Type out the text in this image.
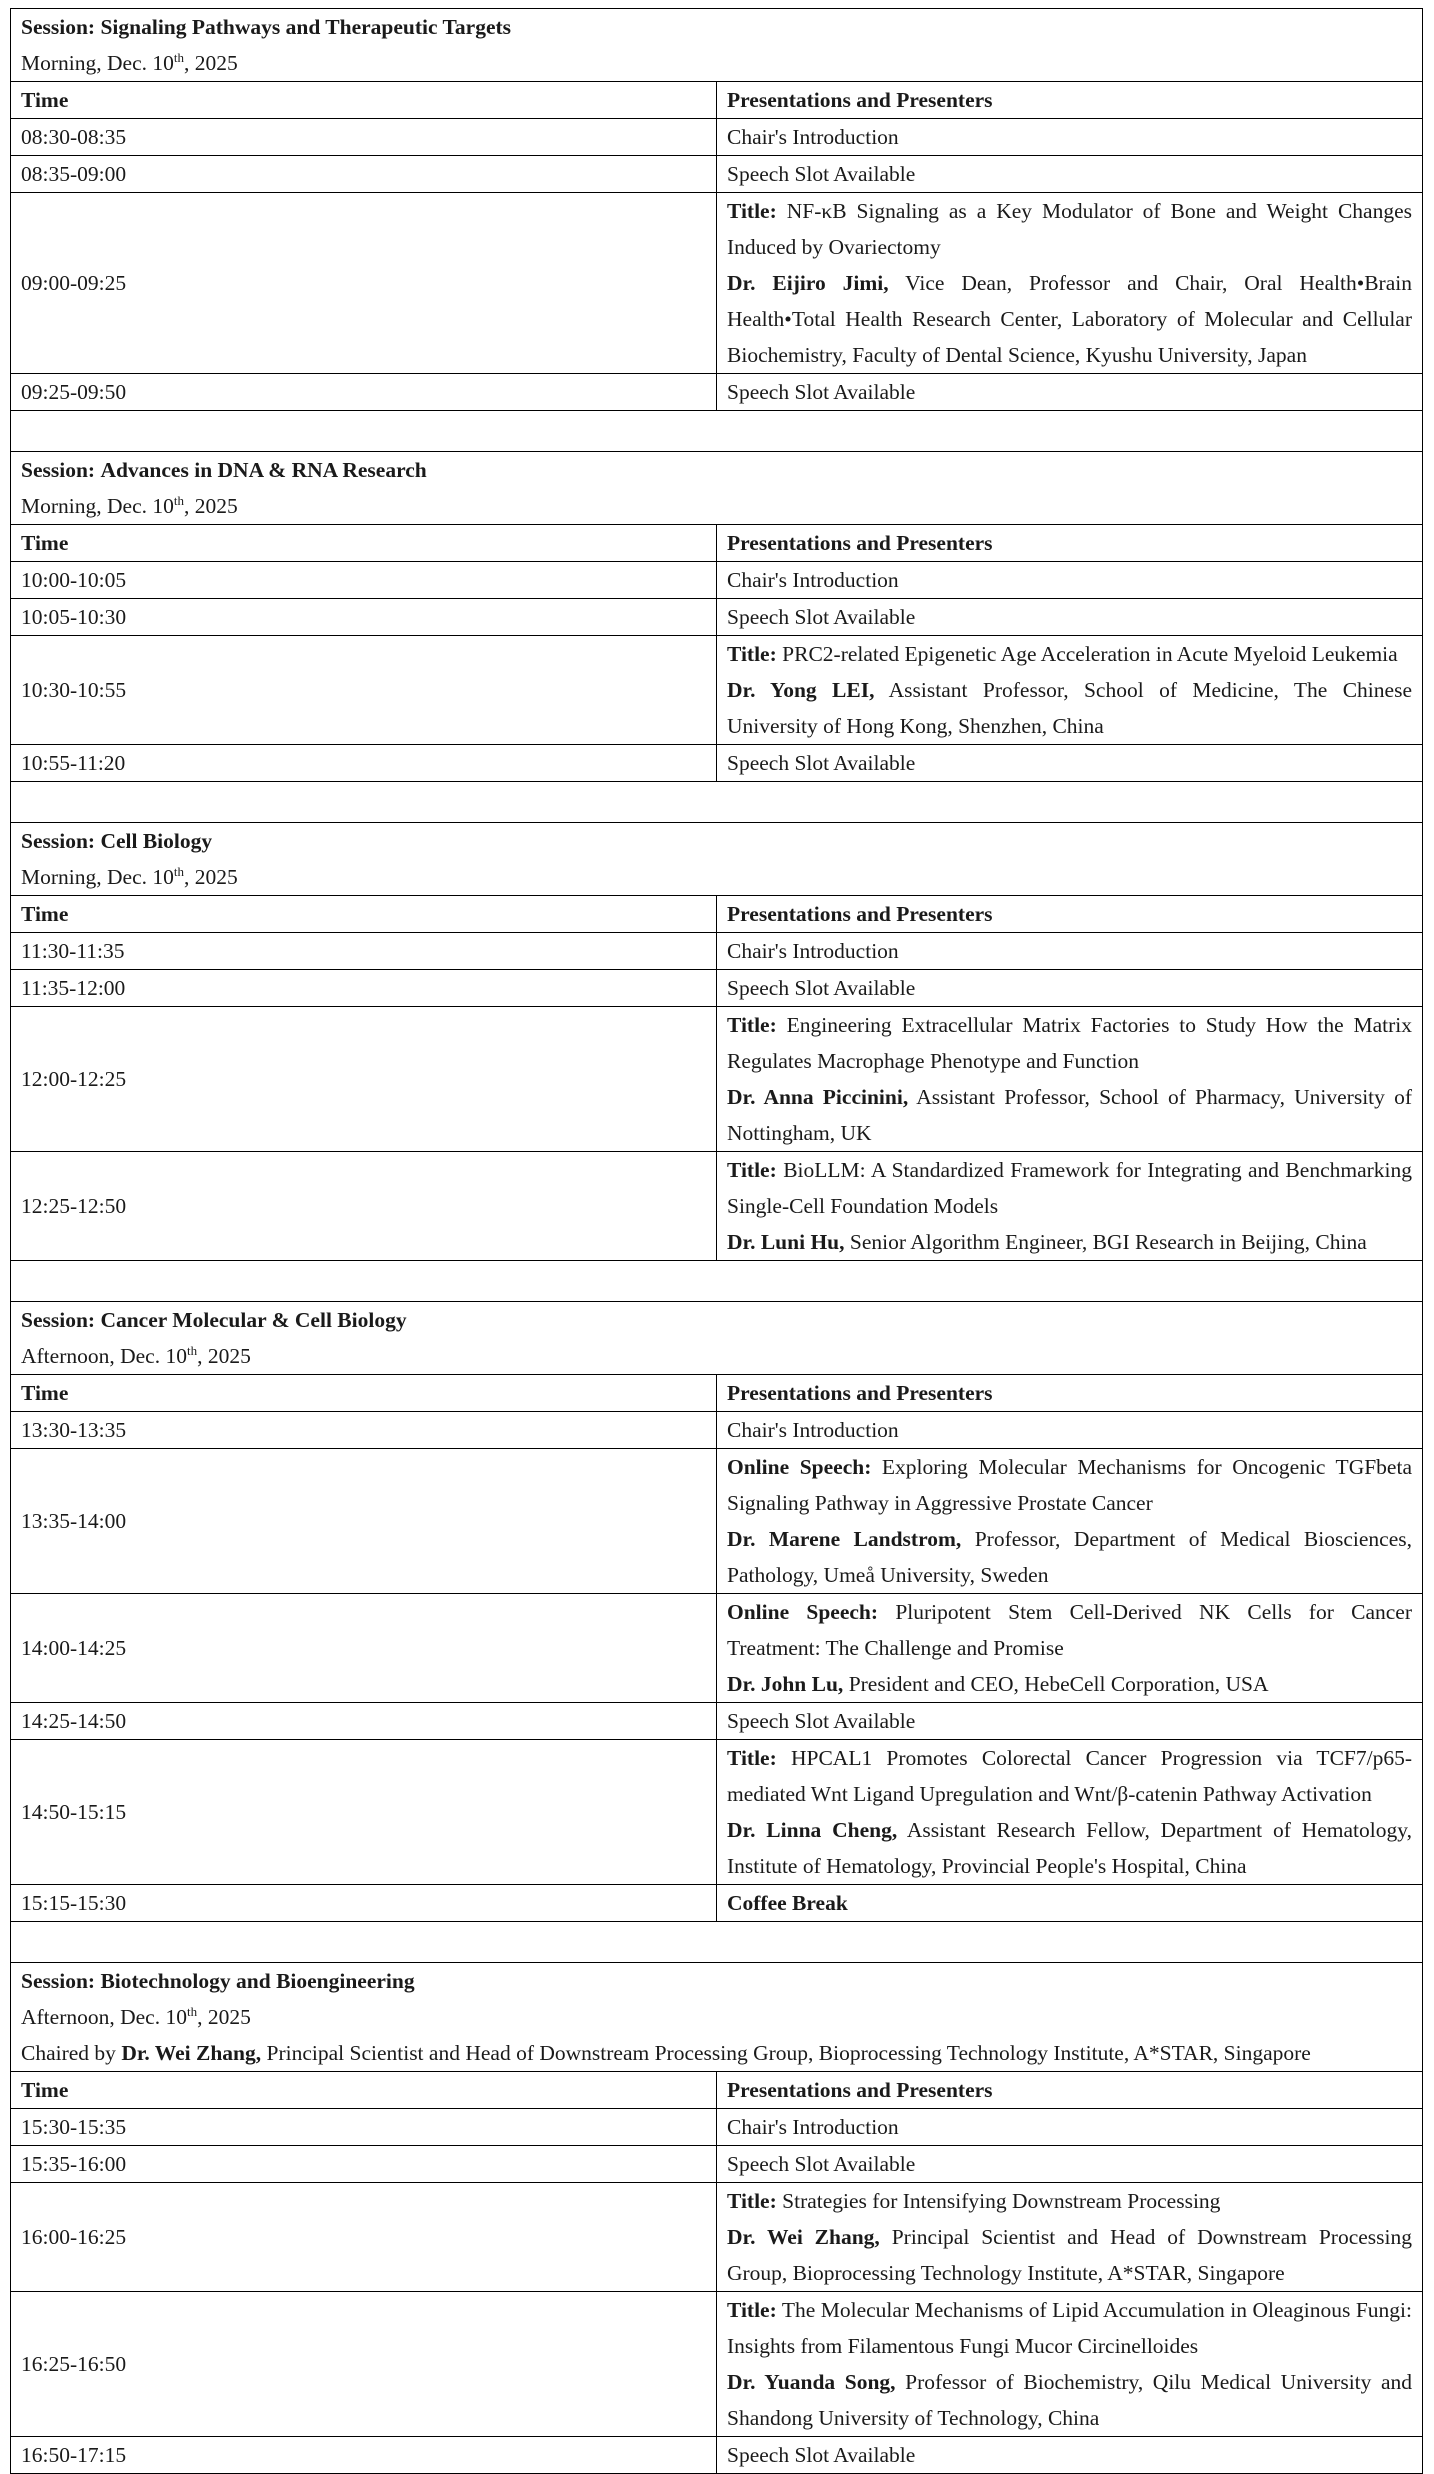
Session: Signaling Pathways and Therapeutic Targets
Morning, Dec. 10th, 2025	

Time	Presentations and Presenters
08:30-08:35	Chair's Introduction
08:35-09:00	Speech Slot Available
09:00-09:25	Title: NF-κB Signaling as a Key Modulator of Bone and Weight Changes Induced by Ovariectomy
Dr. Eijiro Jimi, Vice Dean, Professor and Chair, Oral Health•Brain Health•Total Health Research Center, Laboratory of Molecular and Cellular Biochemistry, Faculty of Dental Science, Kyushu University, Japan

09:25-09:50	Speech Slot Available

Session: Advances in DNA & RNA Research
Morning, Dec. 10th, 2025	

Time	Presentations and Presenters
10:00-10:05	Chair's Introduction
10:05-10:30	Speech Slot Available
10:30-10:55	Title: PRC2-related Epigenetic Age Acceleration in Acute Myeloid Leukemia
Dr. Yong LEI, Assistant Professor, School of Medicine, The Chinese University of Hong Kong, Shenzhen, China

10:55-11:20	Speech Slot Available

Session: Cell Biology
Morning, Dec. 10th, 2025	

Time	Presentations and Presenters
11:30-11:35	Chair's Introduction
11:35-12:00	Speech Slot Available
12:00-12:25	Title: Engineering Extracellular Matrix Factories to Study How the Matrix Regulates Macrophage Phenotype and Function
Dr. Anna Piccinini, Assistant Professor, School of Pharmacy, University of Nottingham, UK

12:25-12:50	Title: BioLLM: A Standardized Framework for Integrating and Benchmarking Single-Cell Foundation Models
Dr. Luni Hu, Senior Algorithm Engineer, BGI Research in Beijing, China

Session: Cancer Molecular & Cell Biology
Afternoon, Dec. 10th, 2025	

Time	Presentations and Presenters
13:30-13:35	Chair's Introduction
13:35-14:00	Online Speech: Exploring Molecular Mechanisms for Oncogenic TGFbeta Signaling Pathway in Aggressive Prostate Cancer
Dr. Marene Landstrom, Professor, Department of Medical Biosciences, Pathology, Umeå University, Sweden

14:00-14:25	Online Speech: Pluripotent Stem Cell-Derived NK Cells for Cancer Treatment: The Challenge and Promise
Dr. John Lu, President and CEO, HebeCell Corporation, USA

14:25-14:50	Speech Slot Available
14:50-15:15	Title: HPCAL1 Promotes Colorectal Cancer Progression via TCF7/p65-mediated Wnt Ligand Upregulation and Wnt/β-catenin Pathway Activation
Dr. Linna Cheng, Assistant Research Fellow, Department of Hematology, Institute of Hematology, Provincial People's Hospital, China

15:15-15:30	Coffee Break

Session: Biotechnology and Bioengineering
Afternoon, Dec. 10th, 2025
Chaired by Dr. Wei Zhang, Principal Scientist and Head of Downstream Processing Group, Bioprocessing Technology Institute, A*STAR, Singapore	

Time	Presentations and Presenters
15:30-15:35	Chair's Introduction
15:35-16:00	Speech Slot Available
16:00-16:25	Title: Strategies for Intensifying Downstream Processing
Dr. Wei Zhang, Principal Scientist and Head of Downstream Processing Group, Bioprocessing Technology Institute, A*STAR, Singapore

16:25-16:50	Title: The Molecular Mechanisms of Lipid Accumulation in Oleaginous Fungi: Insights from Filamentous Fungi Mucor Circinelloides
Dr. Yuanda Song, Professor of Biochemistry, Qilu Medical University and Shandong University of Technology, China

16:50-17:15	Speech Slot Available
